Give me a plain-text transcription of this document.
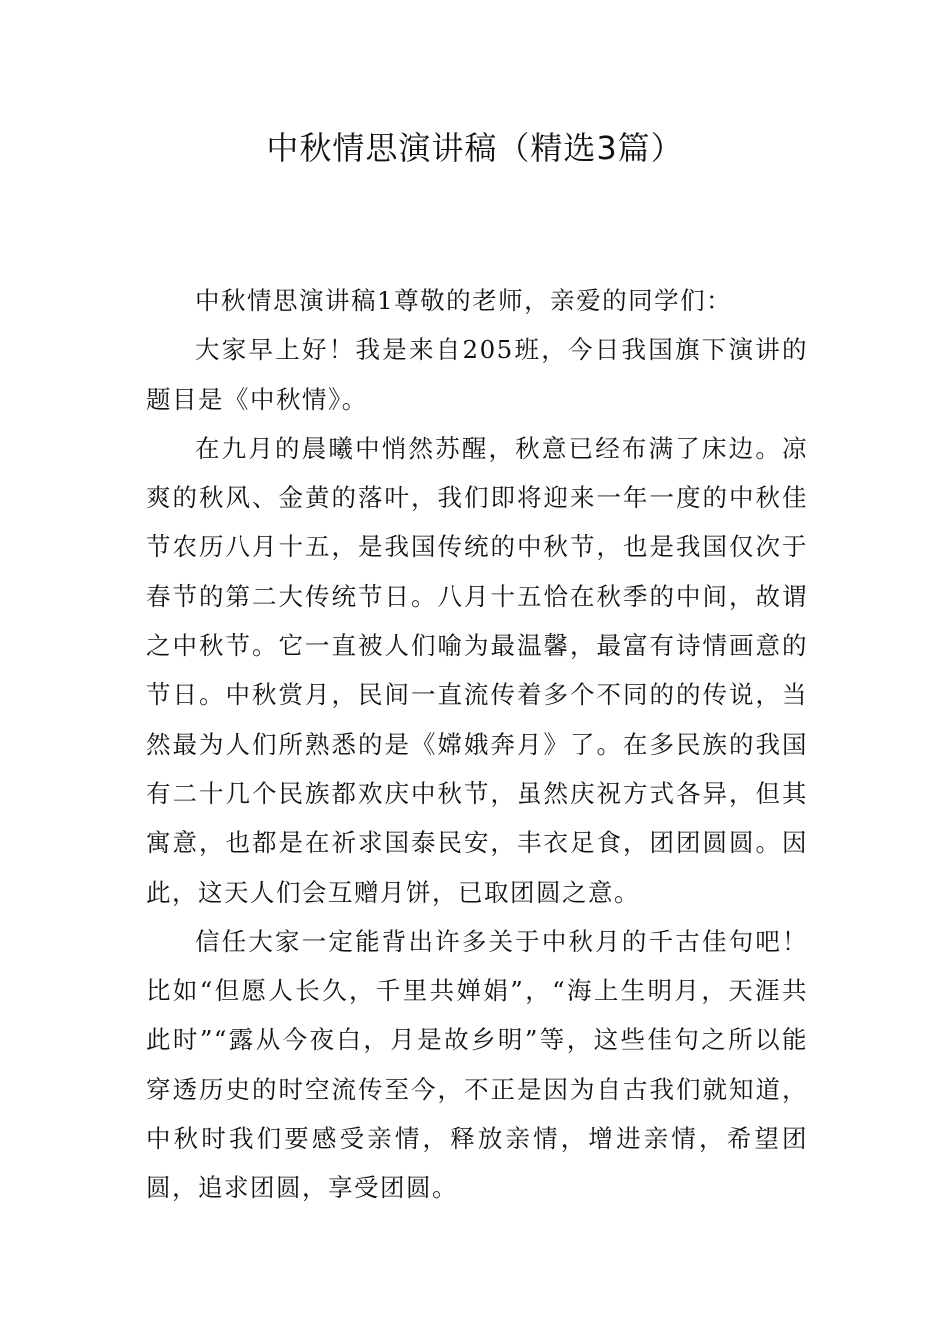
中秋情思演讲稿（精选3篇）

中秋情思演讲稿1尊敬的老师，亲爱的同学们：

大家早上好！我是来自205班，今日我国旗下演讲的题目是《中秋情》。

在九月的晨曦中悄然苏醒，秋意已经布满了床边。凉爽的秋风、金黄的落叶，我们即将迎来一年一度的中秋佳节农历八月十五，是我国传统的中秋节，也是我国仅次于春节的第二大传统节日。八月十五恰在秋季的中间，故谓之中秋节。它一直被人们喻为最温馨，最富有诗情画意的节日。中秋赏月，民间一直流传着多个不同的的传说，当然最为人们所熟悉的是《嫦娥奔月》了。在多民族的我国有二十几个民族都欢庆中秋节，虽然庆祝方式各异，但其寓意，也都是在祈求国泰民安，丰衣足食，团团圆圆。因此，这天人们会互赠月饼，已取团圆之意。

信任大家一定能背出许多关于中秋月的千古佳句吧！比如“但愿人长久，千里共婵娟”，“海上生明月，天涯共此时”“露从今夜白，月是故乡明”等，这些佳句之所以能穿透历史的时空流传至今，不正是因为自古我们就知道，中秋时我们要感受亲情，释放亲情，增进亲情，希望团圆，追求团圆，享受团圆。
